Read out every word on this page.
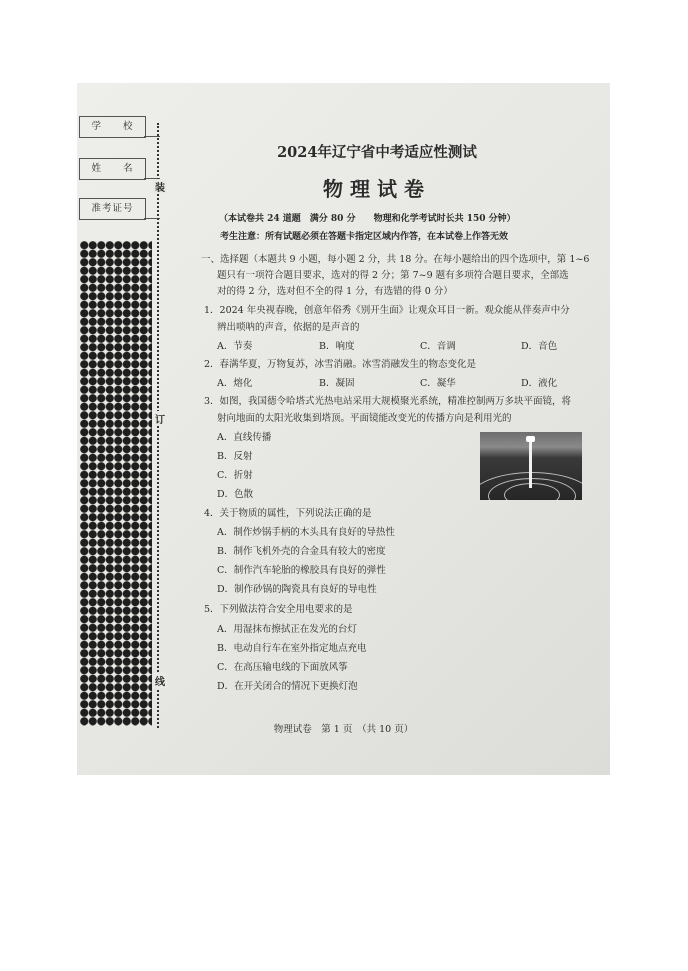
学　　校
姓　　名
准考证号
装
订
线
2024年辽宁省中考适应性测试
物理试卷
（本试卷共 24 道题　满分 80 分　　物理和化学考试时长共 150 分钟）
考生注意：所有试题必须在答题卡指定区域内作答，在本试卷上作答无效
一、选择题（本题共 9 小题，每小题 2 分，共 18 分。在每小题给出的四个选项中，第 1~6
题只有一项符合题目要求，选对的得 2 分；第 7~9 题有多项符合题目要求，全部选
对的得 2 分，选对但不全的得 1 分，有选错的得 0 分）
1．2024 年央视春晚，创意年俗秀《别开生面》让观众耳目一新。观众能从伴奏声中分
辨出唢呐的声音，依据的是声音的
A．节奏	B．响度	C．音调	D．音色
2．春满华夏，万物复苏，冰雪消融。冰雪消融发生的物态变化是
A．熔化	B．凝固	C．凝华	D．液化
3．如图，我国德令哈塔式光热电站采用大规模聚光系统，精准控制两万多块平面镜，将
射向地面的太阳光收集到塔顶。平面镜能改变光的传播方向是利用光的
A．直线传播
B．反射
C．折射
D．色散
4．关于物质的属性，下列说法正确的是
A．制作炒锅手柄的木头具有良好的导热性
B．制作飞机外壳的合金具有较大的密度
C．制作汽车轮胎的橡胶具有良好的弹性
D．制作砂锅的陶瓷具有良好的导电性
5．下列做法符合安全用电要求的是
A．用湿抹布擦拭正在发光的台灯
B．电动自行车在室外指定地点充电
C．在高压输电线的下面放风筝
D．在开关闭合的情况下更换灯泡
物理试卷　第 1 页　（共 10 页）
